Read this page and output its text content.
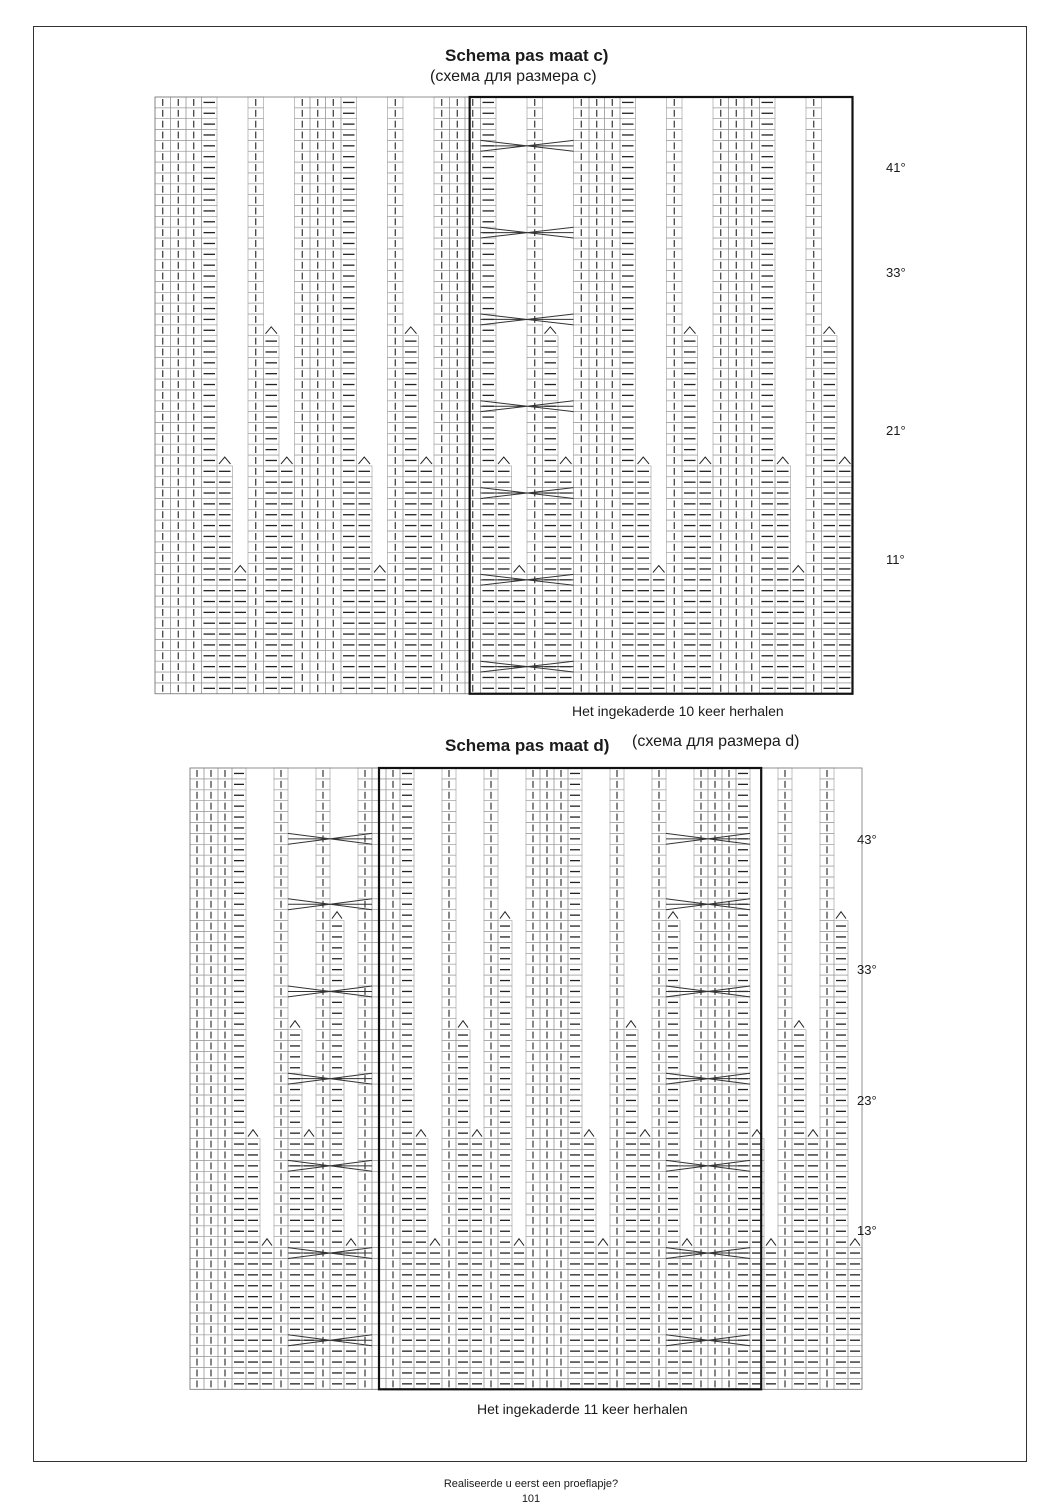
Schema pas maat c)
(схема для размера с)
41°
33°
21°
11°
Het ingekaderde 10 keer herhalen
Schema pas maat d) (схема для размера d)
43°
33°
23°
13°
Het ingekaderde 11 keer herhalen
Realiseerde u eerst een proeflapje?
101
